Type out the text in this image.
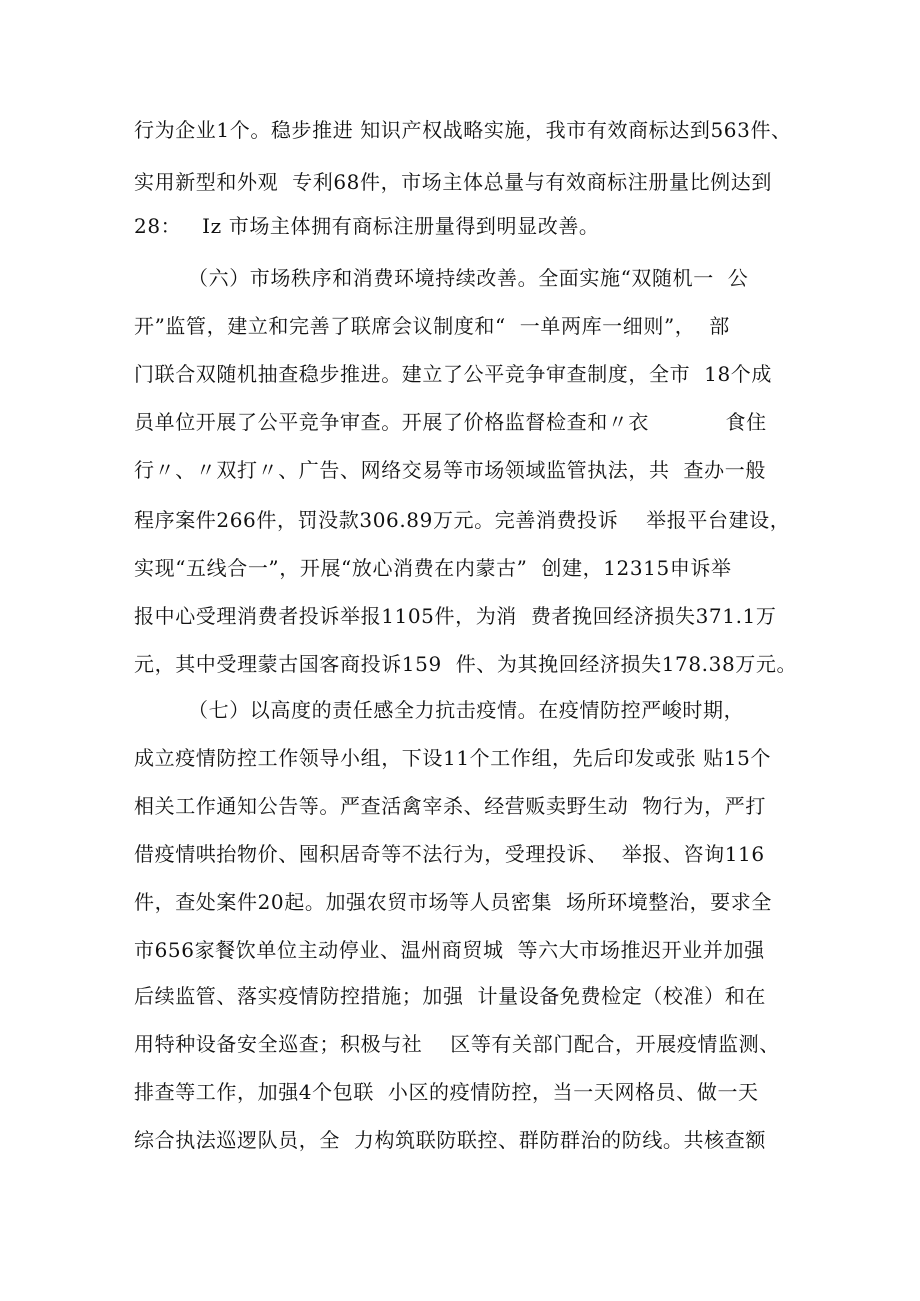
行为企业1个。稳步推进 知识产权战略实施，我市有效商标达到563件、
实用新型和外观  专利68件，市场主体总量与有效商标注册量比例达到
28：   Iz 市场主体拥有商标注册量得到明显改善。
（六）市场秩序和消费环境持续改善。全面实施“双随机一  公
开”监管，建立和完善了联席会议制度和“  一单两库一细则”，  部
门联合双随机抽查稳步推进。建立了公平竞争审查制度，全市  18个成
员单位开展了公平竞争审查。开展了价格监督检查和〃衣           食住
行〃、〃双打〃、广告、网络交易等市场领域监管执法，共  查办一般
程序案件266件，罚没款306.89万元。完善消费投诉    举报平台建设，
实现“五线合一”，开展“放心消费在内蒙古”  创建，12315申诉举
报中心受理消费者投诉举报1105件，为消  费者挽回经济损失371.1万
元，其中受理蒙古国客商投诉159  件、为其挽回经济损失178.38万元。
（七）以高度的责任感全力抗击疫情。在疫情防控严峻时期，
成立疫情防控工作领导小组，下设11个工作组，先后印发或张 贴15个
相关工作通知公告等。严查活禽宰杀、经营贩卖野生动  物行为，严打
借疫情哄抬物价、囤积居奇等不法行为，受理投诉、  举报、咨询116
件，查处案件20起。加强农贸市场等人员密集  场所环境整治，要求全
市656家餐饮单位主动停业、温州商贸城  等六大市场推迟开业并加强
后续监管、落实疫情防控措施；加强  计量设备免费检定（校准）和在
用特种设备安全巡查；积极与社    区等有关部门配合，开展疫情监测、
排查等工作，加强4个包联  小区的疫情防控，当一天网格员、做一天
综合执法巡逻队员，全  力构筑联防联控、群防群治的防线。共核查额
